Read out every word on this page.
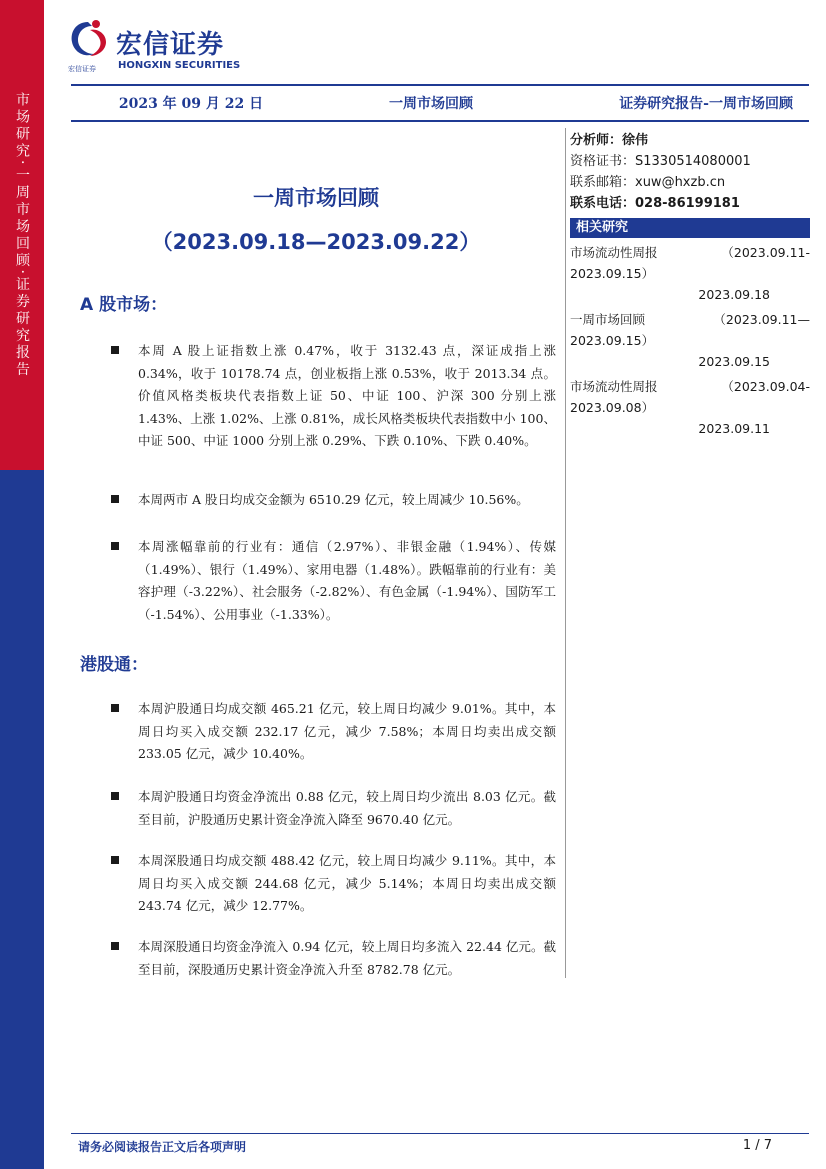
市场研究·一周市场回顾·证券研究报告
宏信证券
宏信证券 HONGXIN SECURITIES
2023 年 09 月 22 日	一周市场回顾	证券研究报告-一周市场回顾
一周市场回顾
（2023.09.18—2023.09.22）
分析师：徐伟
资格证书：S1330514080001
联系邮箱：xuw@hxzb.cn
联系电话：028-86199181
相关研究
市场流动性周报	（2023.09.11-
2023.09.15）
2023.09.18
一周市场回顾	（2023.09.11—
2023.09.15）
2023.09.15
市场流动性周报	（2023.09.04-
2023.09.08）
2023.09.11
A 股市场：
本周 A 股上证指数上涨 0.47%，收于 3132.43 点，深证成指上涨 0.34%，收于 10178.74 点，创业板指上涨 0.53%，收于 2013.34 点。价值风格类板块代表指数上证 50、中证 100、沪深 300 分别上涨 1.43%、上涨 1.02%、上涨 0.81%，成长风格类板块代表指数中小 100、中证 500、中证 1000 分别上涨 0.29%、下跌 0.10%、下跌 0.40%。
本周两市 A 股日均成交金额为 6510.29 亿元，较上周减少 10.56%。
本周涨幅靠前的行业有：通信（2.97%）、非银金融（1.94%）、传媒（1.49%）、银行（1.49%）、家用电器（1.48%）。跌幅靠前的行业有：美容护理（-3.22%）、社会服务（-2.82%）、有色金属（-1.94%）、国防军工（-1.54%）、公用事业（-1.33%）。
港股通：
本周沪股通日均成交额 465.21 亿元，较上周日均减少 9.01%。其中，本周日均买入成交额 232.17 亿元，减少 7.58%；本周日均卖出成交额 233.05 亿元，减少 10.40%。
本周沪股通日均资金净流出 0.88 亿元，较上周日均少流出 8.03 亿元。截至目前，沪股通历史累计资金净流入降至 9670.40 亿元。
本周深股通日均成交额 488.42 亿元，较上周日均减少 9.11%。其中，本周日均买入成交额 244.68 亿元，减少 5.14%；本周日均卖出成交额 243.74 亿元，减少 12.77%。
本周深股通日均资金净流入 0.94 亿元，较上周日均多流入 22.44 亿元。截至目前，深股通历史累计资金净流入升至 8782.78 亿元。
请务必阅读报告正文后各项声明	1 / 7
